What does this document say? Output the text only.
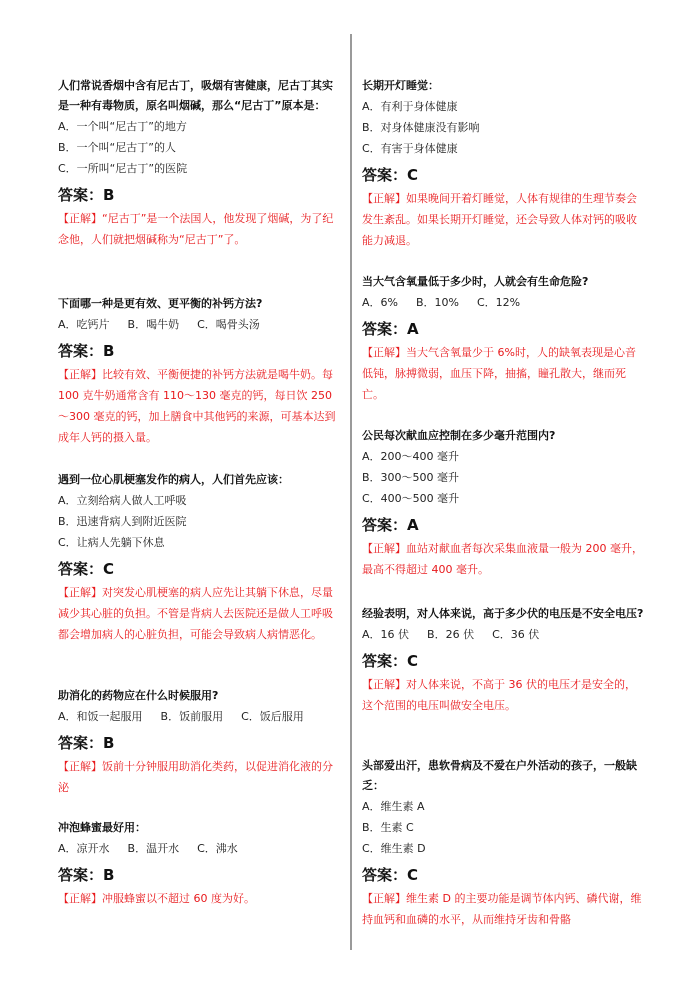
人们常说香烟中含有尼古丁，吸烟有害健康，尼古丁其实是一种有毒物质，原名叫烟碱，那么“尼古丁”原本是：

A．一个叫“尼古丁”的地方

B．一个叫“尼古丁”的人

C．一所叫“尼古丁”的医院

答案：B

【正解】“尼古丁”是一个法国人，他发现了烟碱，为了纪念他，人们就把烟碱称为“尼古丁”了。

下面哪一种是更有效、更平衡的补钙方法?

A．吃钙片 B．喝牛奶 C．喝骨头汤
答案：B

【正解】比较有效、平衡便捷的补钙方法就是喝牛奶。每 100 克牛奶通常含有 110～130 毫克的钙，每日饮 250～300 毫克的钙，加上膳食中其他钙的来源，可基本达到成年人钙的摄入量。

遇到一位心肌梗塞发作的病人，人们首先应该：

A．立刻给病人做人工呼吸

B．迅速背病人到附近医院

C．让病人先躺下休息

答案：C

【正解】对突发心肌梗塞的病人应先让其躺下休息，尽量减少其心脏的负担。不管是背病人去医院还是做人工呼吸都会增加病人的心脏负担，可能会导致病人病情恶化。

助消化的药物应在什么时候服用?

A．和饭一起服用 B．饭前服用 C．饭后服用
答案：B

【正解】饭前十分钟服用助消化类药，以促进消化液的分泌

冲泡蜂蜜最好用：

A．凉开水 B．温开水 C．沸水
答案：B

【正解】冲服蜂蜜以不超过 60 度为好。

长期开灯睡觉：

A．有利于身体健康

B．对身体健康没有影响

C．有害于身体健康

答案：C

【正解】如果晚间开着灯睡觉，人体有规律的生理节奏会发生紊乱。如果长期开灯睡觉，还会导致人体对钙的吸收能力减退。

当大气含氧量低于多少时，人就会有生命危险?

A．6% B．10% C．12%
答案：A

【正解】当大气含氧量少于 6%时，人的缺氧表现是心音低钝，脉搏微弱，血压下降，抽搐，瞳孔散大，继而死亡。

公民每次献血应控制在多少毫升范围内?

A．200～400 毫升

B．300～500 毫升

C．400～500 毫升

答案：A

【正解】血站对献血者每次采集血液量一般为 200 毫升，最高不得超过 400 毫升。

经验表明，对人体来说，高于多少伏的电压是不安全电压?

A．16 伏 B．26 伏 C．36 伏
答案：C

【正解】对人体来说，不高于 36 伏的电压才是安全的，这个范围的电压叫做安全电压。

头部爱出汗，患软骨病及不爱在户外活动的孩子，一般缺乏：

A．维生素 A

B．生素 C

C．维生素 D

答案：C

【正解】维生素 D 的主要功能是调节体内钙、磷代谢，维持血钙和血磷的水平，从而维持牙齿和骨骼
